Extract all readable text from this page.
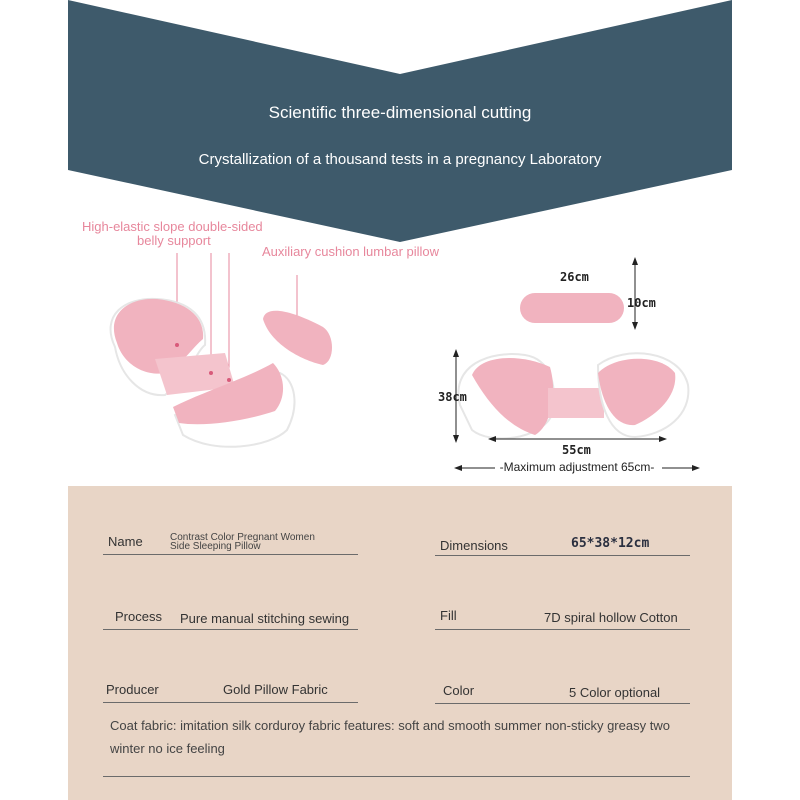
Scientific three-dimensional cutting
Crystallization of a thousand tests in a pregnancy Laboratory
High-elastic slope double-sided
belly support
Auxiliary cushion lumbar pillow
26cm
10cm
38cm
55cm
-Maximum adjustment 65cm-
Name	Contrast Color Pregnant Women
Side Sleeping Pillow	Dimensions	65*38*12cm
Process Pure manual stitching sewing	Fill	7D spiral hollow Cotton
Producer	Gold Pillow Fabric	Color	5 Color optional
Coat fabric: imitation silk corduroy fabric features: soft and smooth summer non-sticky greasy two
winter no ice feeling
